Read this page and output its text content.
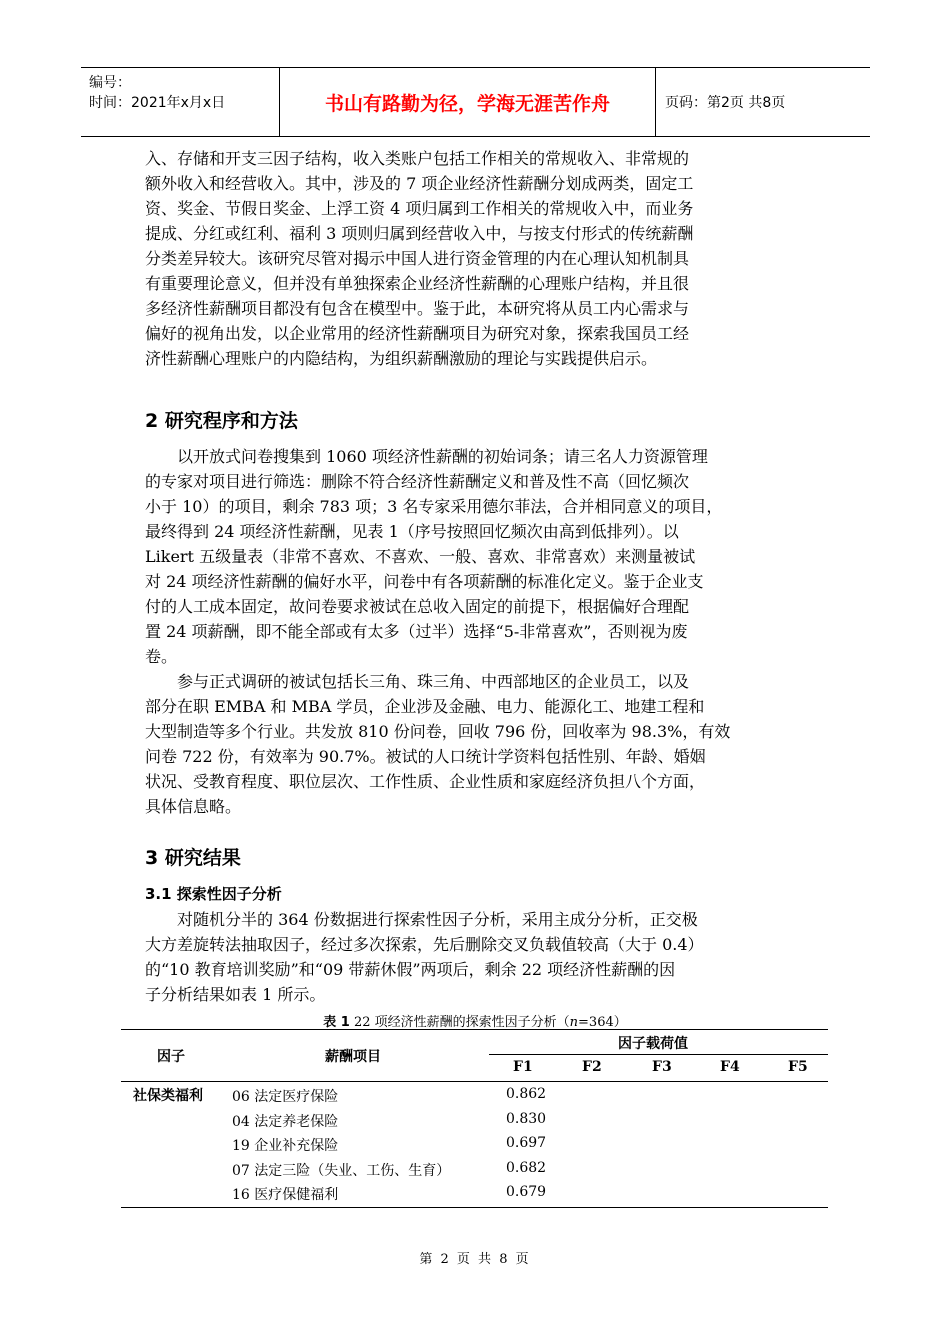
编号：
时间：2021年x月x日	书山有路勤为径，学海无涯苦作舟	页码：第2页 共8页
入、存储和开支三因子结构，收入类账户包括工作相关的常规收入、非常规的
额外收入和经营收入。其中，涉及的 7 项企业经济性薪酬分划成两类，固定工
资、奖金、节假日奖金、上浮工资 4 项归属到工作相关的常规收入中，而业务
提成、分红或红利、福利 3 项则归属到经营收入中，与按支付形式的传统薪酬
分类差异较大。该研究尽管对揭示中国人进行资金管理的内在心理认知机制具
有重要理论意义，但并没有单独探索企业经济性薪酬的心理账户结构，并且很
多经济性薪酬项目都没有包含在模型中。鉴于此，本研究将从员工内心需求与
偏好的视角出发，以企业常用的经济性薪酬项目为研究对象，探索我国员工经
济性薪酬心理账户的内隐结构，为组织薪酬激励的理论与实践提供启示。
2 研究程序和方法
以开放式问卷搜集到 1060 项经济性薪酬的初始词条；请三名人力资源管理
的专家对项目进行筛选：删除不符合经济性薪酬定义和普及性不高（回忆频次
小于 10）的项目，剩余 783 项；3 名专家采用德尔菲法，合并相同意义的项目，
最终得到 24 项经济性薪酬，见表 1（序号按照回忆频次由高到低排列）。以
Likert 五级量表（非常不喜欢、不喜欢、一般、喜欢、非常喜欢）来测量被试
对 24 项经济性薪酬的偏好水平，问卷中有各项薪酬的标准化定义。鉴于企业支
付的人工成本固定，故问卷要求被试在总收入固定的前提下，根据偏好合理配
置 24 项薪酬，即不能全部或有太多（过半）选择“5-非常喜欢”，否则视为废
卷。
参与正式调研的被试包括长三角、珠三角、中西部地区的企业员工，以及
部分在职 EMBA 和 MBA 学员，企业涉及金融、电力、能源化工、地建工程和
大型制造等多个行业。共发放 810 份问卷，回收 796 份，回收率为 98.3%，有效
问卷 722 份，有效率为 90.7%。被试的人口统计学资料包括性别、年龄、婚姻
状况、受教育程度、职位层次、工作性质、企业性质和家庭经济负担八个方面，
具体信息略。
3 研究结果
3.1 探索性因子分析
对随机分半的 364 份数据进行探索性因子分析，采用主成分分析，正交极
大方差旋转法抽取因子，经过多次探索，先后删除交叉负载值较高（大于 0.4）
的“10 教育培训奖励”和“09 带薪休假”两项后，剩余 22 项经济性薪酬的因
子分析结果如表 1 所示。
表 1 22 项经济性薪酬的探索性因子分析（n=364）
因子	薪酬项目
因子载荷值
F1	F2	F3	F4	F5
社保类福利 06 法定医疗保险	0.862
04 法定养老保险	0.830
19 企业补充保险	0.697
07 法定三险（失业、工伤、生育）	0.682
16 医疗保健福利	0.679
第 2 页 共 8 页
